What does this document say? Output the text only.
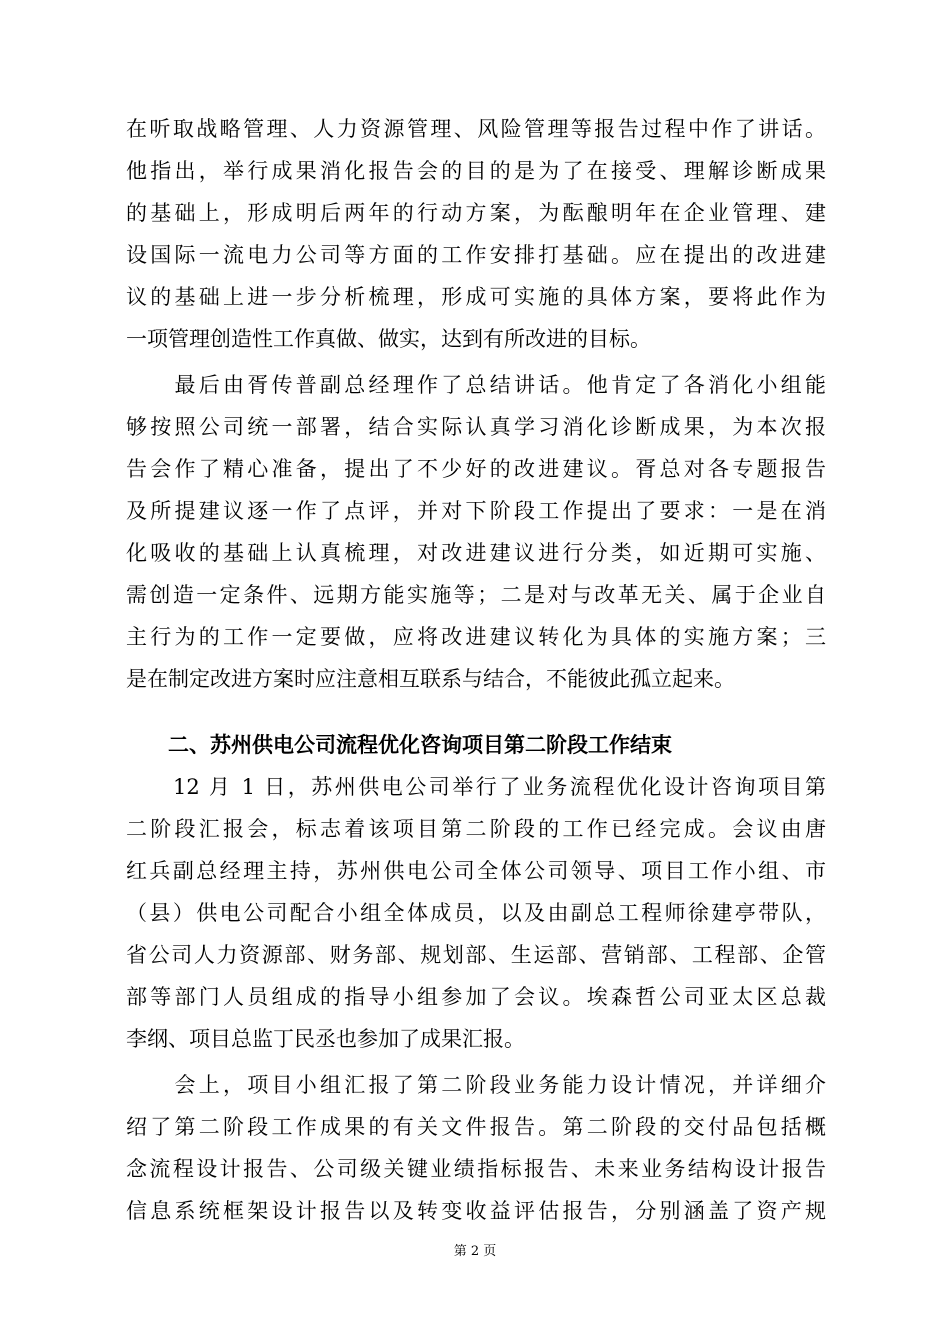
在听取战略管理、人力资源管理、风险管理等报告过程中作了讲话。
他指出，举行成果消化报告会的目的是为了在接受、理解诊断成果
的基础上，形成明后两年的行动方案，为酝酿明年在企业管理、建
设国际一流电力公司等方面的工作安排打基础。应在提出的改进建
议的基础上进一步分析梳理，形成可实施的具体方案，要将此作为
一项管理创造性工作真做、做实，达到有所改进的目标。
　　最后由胥传普副总经理作了总结讲话。他肯定了各消化小组能
够按照公司统一部署，结合实际认真学习消化诊断成果，为本次报
告会作了精心准备，提出了不少好的改进建议。胥总对各专题报告
及所提建议逐一作了点评，并对下阶段工作提出了要求：一是在消
化吸收的基础上认真梳理，对改进建议进行分类，如近期可实施、
需创造一定条件、远期方能实施等；二是对与改革无关、属于企业自
主行为的工作一定要做，应将改进建议转化为具体的实施方案；三
是在制定改进方案时应注意相互联系与结合，不能彼此孤立起来。
二、苏州供电公司流程优化咨询项目第二阶段工作结束
　　12 月 1 日，苏州供电公司举行了业务流程优化设计咨询项目第
二阶段汇报会，标志着该项目第二阶段的工作已经完成。会议由唐
红兵副总经理主持，苏州供电公司全体公司领导、项目工作小组、市
（县）供电公司配合小组全体成员，以及由副总工程师徐建亭带队，
省公司人力资源部、财务部、规划部、生运部、营销部、工程部、企管
部等部门人员组成的指导小组参加了会议。埃森哲公司亚太区总裁
李纲、项目总监丁民丞也参加了成果汇报。
　　会上，项目小组汇报了第二阶段业务能力设计情况，并详细介
绍了第二阶段工作成果的有关文件报告。第二阶段的交付品包括概
念流程设计报告、公司级关键业绩指标报告、未来业务结构设计报告
信息系统框架设计报告以及转变收益评估报告，分别涵盖了资产规
第 2 页
